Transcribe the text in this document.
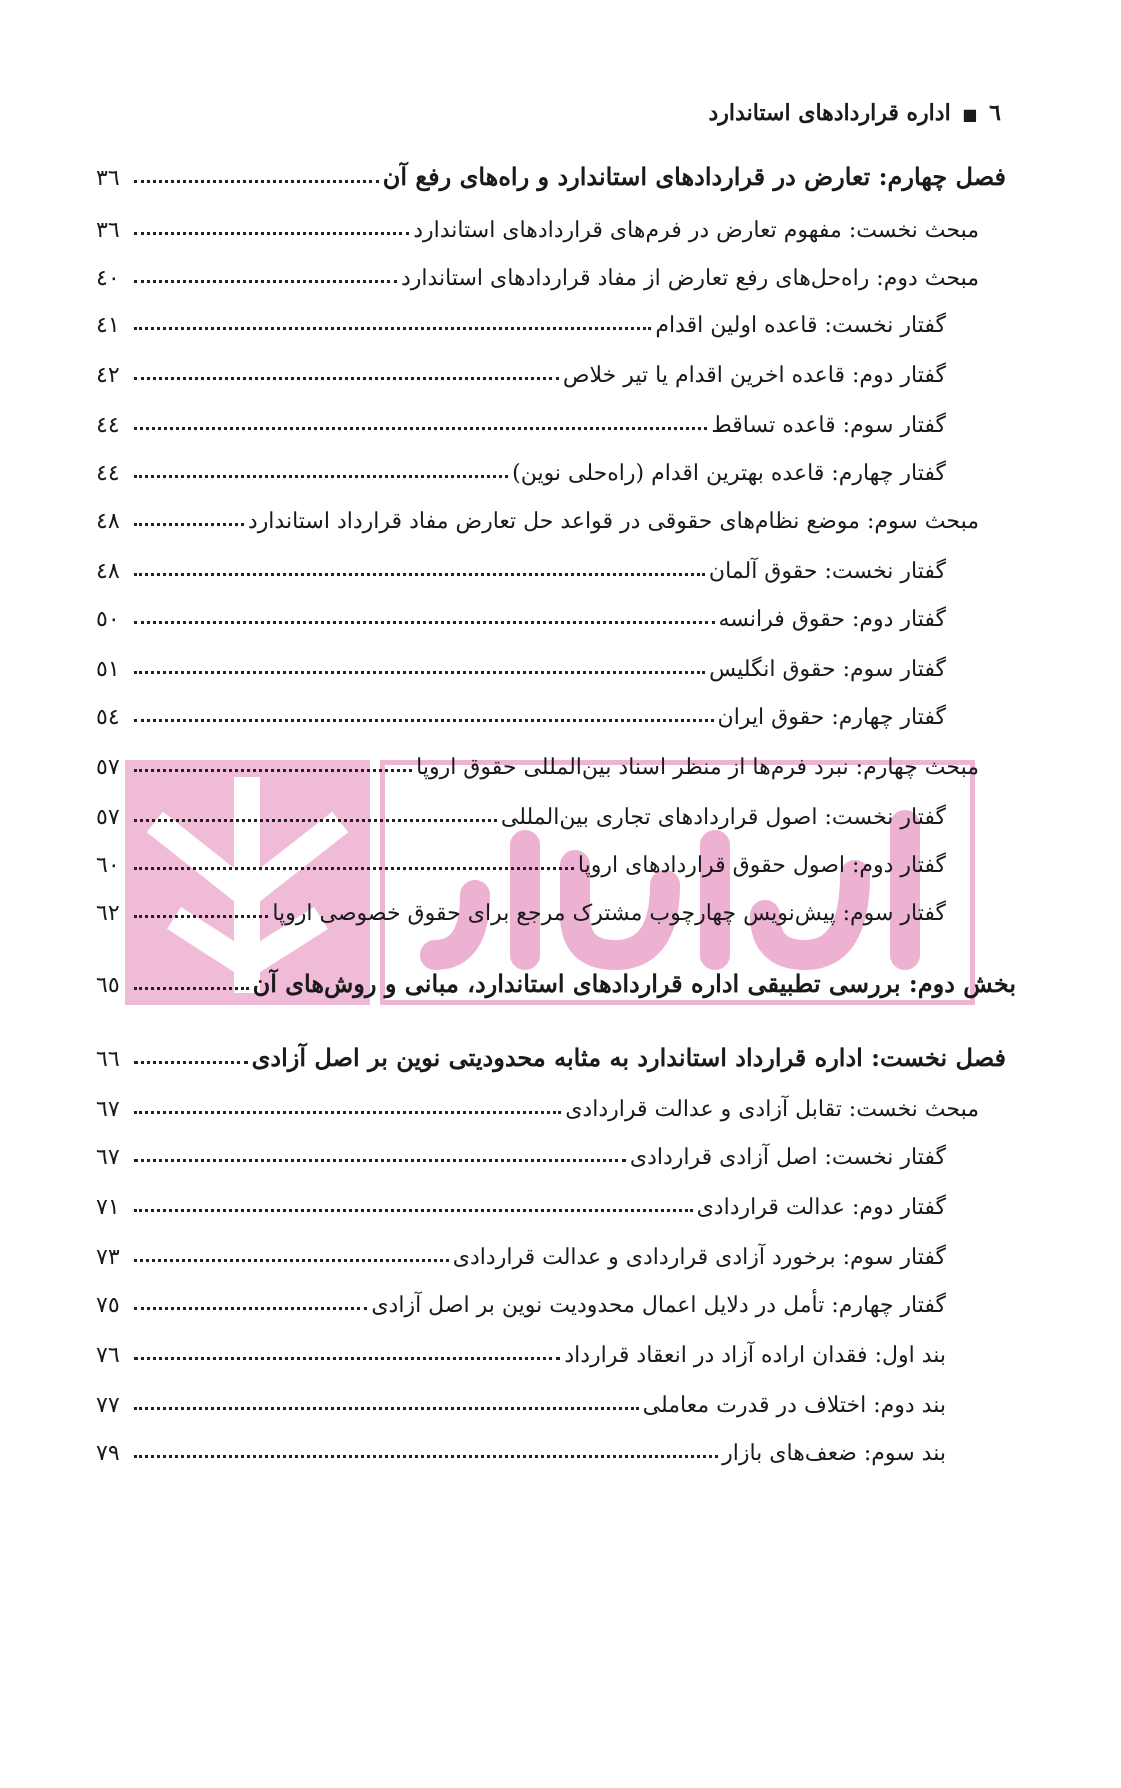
٦ ■ اداره قراردادهای استاندارد
فصل چهارم: تعارض در قراردادهای استاندارد و راه‌های رفع آن
٣٦
مبحث نخست: مفهوم تعارض در فرم‌های قراردادهای استاندارد
٣٦
مبحث دوم: راه‌حل‌های رفع تعارض از مفاد قراردادهای استاندارد
٤٠
گفتار نخست: قاعده اولین اقدام
٤١
گفتار دوم: قاعده اخرین اقدام یا تیر خلاص
٤٢
گفتار سوم: قاعده تساقط
٤٤
گفتار چهارم: قاعده بهترین اقدام (راه‌حلی نوین)
٤٤
مبحث سوم: موضع نظام‌های حقوقی در قواعد حل تعارض مفاد قرارداد استاندارد
٤٨
گفتار نخست: حقوق آلمان
٤٨
گفتار دوم: حقوق فرانسه
٥٠
گفتار سوم: حقوق انگلیس
٥١
گفتار چهارم: حقوق ایران
٥٤
مبحث چهارم: نبرد فرم‌ها از منظر اسناد بین‌المللی حقوق اروپا
٥٧
گفتار نخست: اصول قراردادهای تجاری بین‌المللی
٥٧
گفتار دوم: اصول حقوق قراردادهای اروپا
٦٠
گفتار سوم: پیش‌نویس چهارچوب مشترک مرجع برای حقوق خصوصی اروپا
٦٢
بخش دوم: بررسی تطبیقی اداره قراردادهای استاندارد، مبانی و روش‌های آن
٦٥
فصل نخست: اداره قرارداد استاندارد به مثابه محدودیتی نوین بر اصل آزادی
٦٦
مبحث نخست: تقابل آزادی و عدالت قراردادی
٦٧
گفتار نخست: اصل آزادی قراردادی
٦٧
گفتار دوم: عدالت قراردادی
٧١
گفتار سوم: برخورد آزادی قراردادی و عدالت قراردادی
٧٣
گفتار چهارم: تأمل در دلایل اعمال محدودیت نوین بر اصل آزادی
٧٥
بند اول: فقدان اراده آزاد در انعقاد قرارداد
٧٦
بند دوم: اختلاف در قدرت معاملی
٧٧
بند سوم: ضعف‌های بازار
٧٩
